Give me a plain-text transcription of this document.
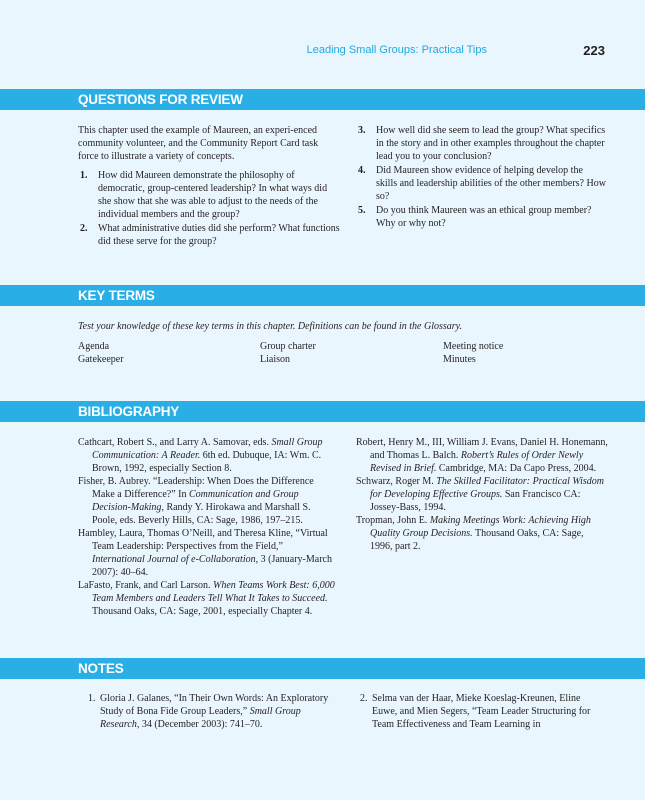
Leading Small Groups: Practical Tips	223
QUESTIONS FOR REVIEW

This chapter used the example of Maureen, an experi-enced community volunteer, and the Community Report Card task force to illustrate a variety of concepts.

1. How did Maureen demonstrate the philosophy of democratic, group-centered leadership? In what ways did she show that she was able to adjust to the needs of the individual members and the group?
2. What administrative duties did she perform? What functions did these serve for the group?
3. How well did she seem to lead the group? What specifics in the story and in other examples throughout the chapter lead you to your conclusion?
4. Did Maureen show evidence of helping develop the skills and leadership abilities of the other members? How so?
5. Do you think Maureen was an ethical group member? Why or why not?
KEY TERMS

Test your knowledge of these key terms in this chapter. Definitions can be found in the Glossary.

Agenda
Gatekeeper
Group charter
Liaison
Meeting notice
Minutes
BIBLIOGRAPHY

Cathcart, Robert S., and Larry A. Samovar, eds. Small Group Communication: A Reader. 6th ed. Dubuque, IA: Wm. C. Brown, 1992, especially Section 8.

Fisher, B. Aubrey. “Leadership: When Does the Difference Make a Difference?” In Communication and Group Decision-Making, Randy Y. Hirokawa and Marshall S. Poole, eds. Beverly Hills, CA: Sage, 1986, 197–215.

Hambley, Laura, Thomas O’Neill, and Theresa Kline, “Virtual Team Leadership: Perspectives from the Field,” International Journal of e-Collaboration, 3 (January-March 2007): 40–64.

LaFasto, Frank, and Carl Larson. When Teams Work Best: 6,000 Team Members and Leaders Tell What It Takes to Succeed. Thousand Oaks, CA: Sage, 2001, especially Chapter 4.

Robert, Henry M., III, William J. Evans, Daniel H. Honemann, and Thomas L. Balch. Robert’s Rules of Order Newly Revised in Brief. Cambridge, MA: Da Capo Press, 2004.

Schwarz, Roger M. The Skilled Facilitator: Practical Wisdom for Developing Effective Groups. San Francisco CA: Jossey-Bass, 1994.

Tropman, John E. Making Meetings Work: Achieving High Quality Group Decisions. Thousand Oaks, CA: Sage, 1996, part 2.

NOTES
1. Gloria J. Galanes, “In Their Own Words: An Exploratory Study of Bona Fide Group Leaders,” Small Group Research, 34 (December 2003): 741–70.
2. Selma van der Haar, Mieke Koeslag-Kreunen, Eline Euwe, and Mien Segers, “Team Leader Structuring for Team Effectiveness and Team Learning in
